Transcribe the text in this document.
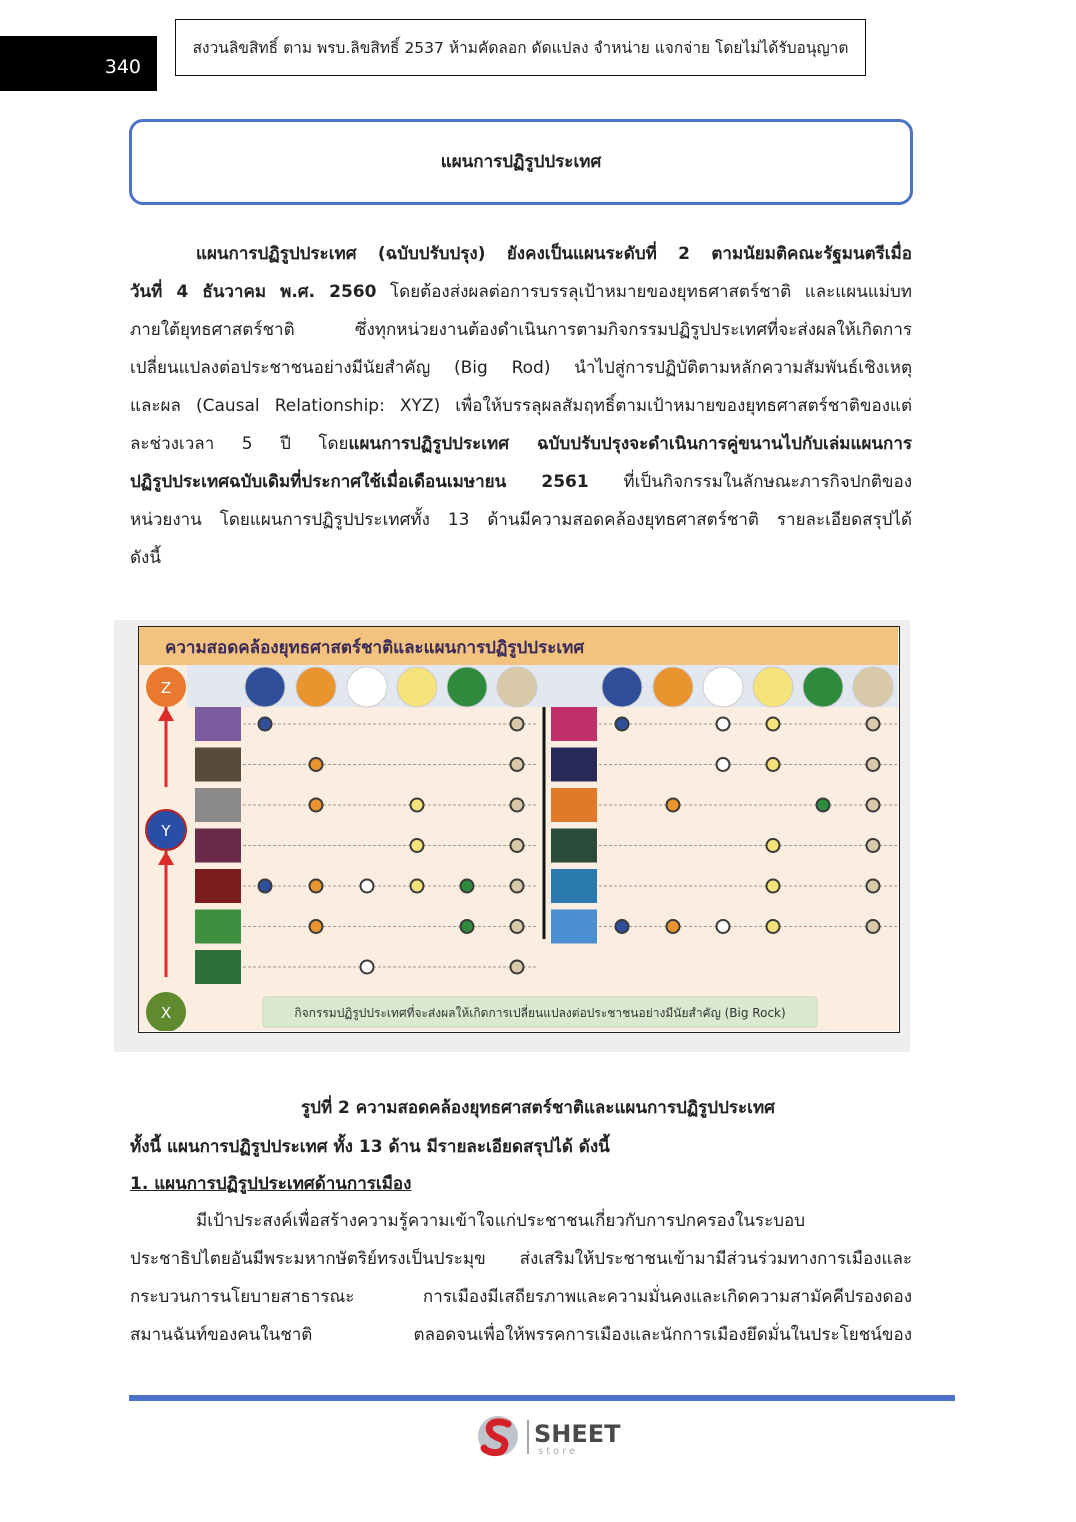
340
สงวนลิขสิทธิ์ ตาม พรบ.ลิขสิทธิ์ 2537 ห้ามคัดลอก ดัดแปลง จำหน่าย แจกจ่าย โดยไม่ได้รับอนุญาต
แผนการปฏิรูปประเทศ
แผนการปฏิรูปประเทศ (ฉบับปรับปรุง) ยังคงเป็นแผนระดับที่ 2 ตามนัยมติคณะรัฐมนตรีเมื่อ
วันที่ 4 ธันวาคม พ.ศ. 2560 โดยต้องส่งผลต่อการบรรลุเป้าหมายของยุทธศาสตร์ชาติ และแผนแม่บท
ภายใต้ยุทธศาสตร์ชาติ ซึ่งทุกหน่วยงานต้องดำเนินการตามกิจกรรมปฏิรูปประเทศที่จะส่งผลให้เกิดการ
เปลี่ยนแปลงต่อประชาชนอย่างมีนัยสำคัญ (Big Rod) นำไปสู่การปฏิบัติตามหลักความสัมพันธ์เชิงเหตุ
และผล (Causal Relationship: XYZ) เพื่อให้บรรลุผลสัมฤทธิ์ตามเป้าหมายของยุทธศาสตร์ชาติของแต่
ละช่วงเวลา 5 ปี โดยแผนการปฏิรูปประเทศ ฉบับปรับปรุงจะดำเนินการคู่ขนานไปกับเล่มแผนการ
ปฏิรูปประเทศฉบับเดิมที่ประกาศใช้เมื่อเดือนเมษายน 2561 ที่เป็นกิจกรรมในลักษณะภารกิจปกติของ
หน่วยงาน โดยแผนการปฏิรูปประเทศทั้ง 13 ด้านมีความสอดคล้องยุทธศาสตร์ชาติ รายละเอียดสรุปได้
ดังนี้
ความสอดคล้องยุทธศาสตร์ชาติและแผนการปฏิรูปประเทศ
Z
Y
X	กิจกรรมปฏิรูปประเทศที่จะส่งผลให้เกิดการเปลี่ยนแปลงต่อประชาชนอย่างมีนัยสำคัญ (Big Rock)
รูปที่ 2 ความสอดคล้องยุทธศาสตร์ชาติและแผนการปฏิรูปประเทศ
ทั้งนี้ แผนการปฏิรูปประเทศ ทั้ง 13 ด้าน มีรายละเอียดสรุปได้ ดังนี้
1. แผนการปฏิรูปประเทศด้านการเมือง
มีเป้าประสงค์เพื่อสร้างความรู้ความเข้าใจแก่ประชาชนเกี่ยวกับการปกครองในระบอบ
ประชาธิปไตยอันมีพระมหากษัตริย์ทรงเป็นประมุข ส่งเสริมให้ประชาชนเข้ามามีส่วนร่วมทางการเมืองและ
กระบวนการนโยบายสาธารณะ การเมืองมีเสถียรภาพและความมั่นคงและเกิดความสามัคคีปรองดอง
สมานฉันท์ของคนในชาติ ตลอดจนเพื่อให้พรรคการเมืองและนักการเมืองยึดมั่นในประโยชน์ของ
SHEET
store
